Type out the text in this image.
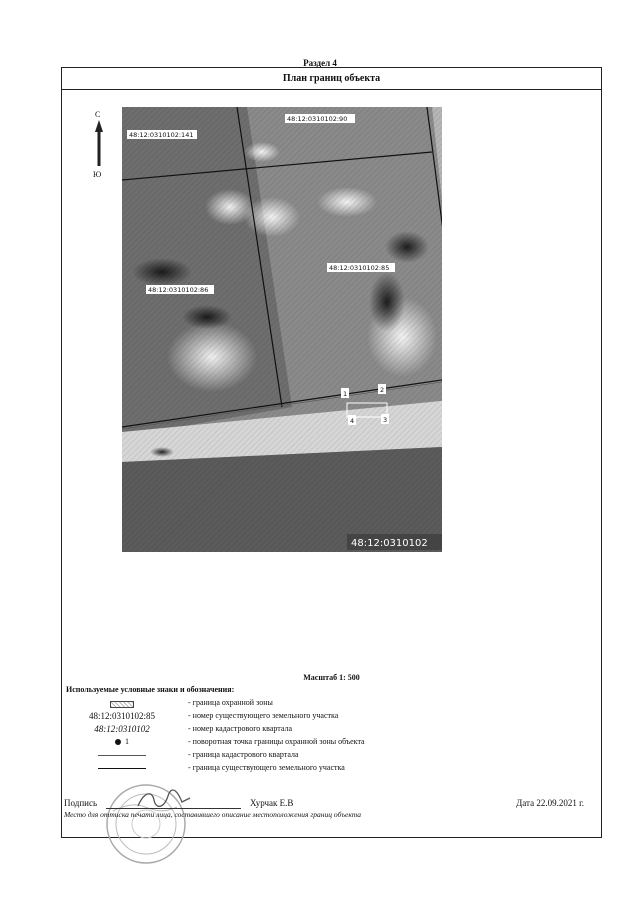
Раздел 4
План границ объекта
С
Ю
1	2
3
4
48:12:0310102:141
48:12:0310102:90
48:12:0310102:85
48:12:0310102:86
48:12:0310102
Масштаб 1: 500
Используемые условные знаки и обозначения:
- граница охранной зоны
48:12:0310102:85	- номер существующего земельного участка
48:12:0310102	- номер кадастрового квартала
1	- поворотная точка границы охранной зоны объекта
- граница кадастрового квартала
- граница существующего земельного участка
Подпись	Хурчак Е.В	Дата 22.09.2021 г.
Место для оттиска печати лица, составившего описание местоположения границ объекта
